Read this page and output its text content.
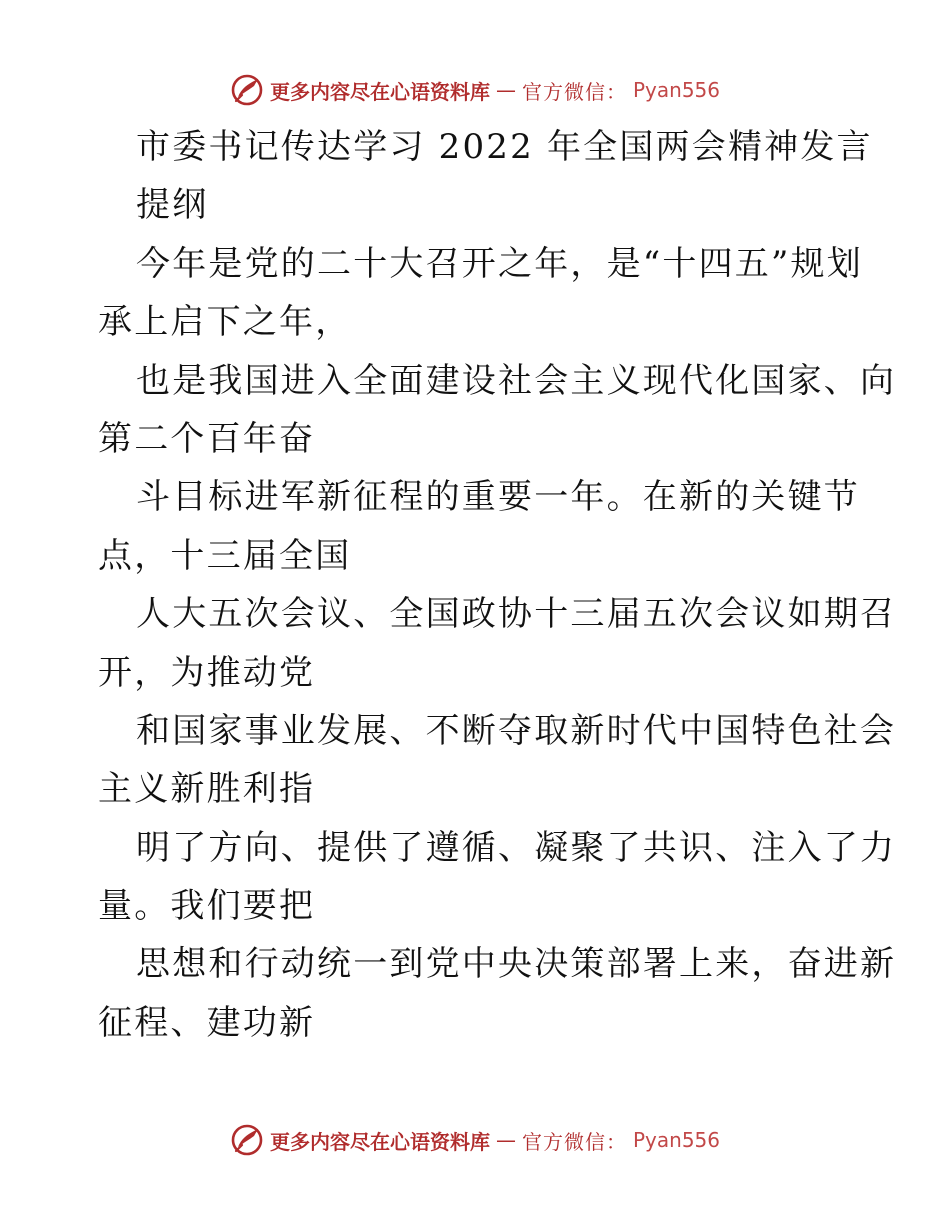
更多内容尽在心语资料库 — 官方微信： Pyan556
市委书记传达学习 2022 年全国两会精神发言
提纲
今年是党的二十大召开之年，是“十四五”规划
承上启下之年，
也是我国进入全面建设社会主义现代化国家、向
第二个百年奋
斗目标进军新征程的重要一年。在新的关键节
点，十三届全国
人大五次会议、全国政协十三届五次会议如期召
开，为推动党
和国家事业发展、不断夺取新时代中国特色社会
主义新胜利指
明了方向、提供了遵循、凝聚了共识、注入了力
量。我们要把
思想和行动统一到党中央决策部署上来，奋进新
征程、建功新
更多内容尽在心语资料库 — 官方微信： Pyan556
